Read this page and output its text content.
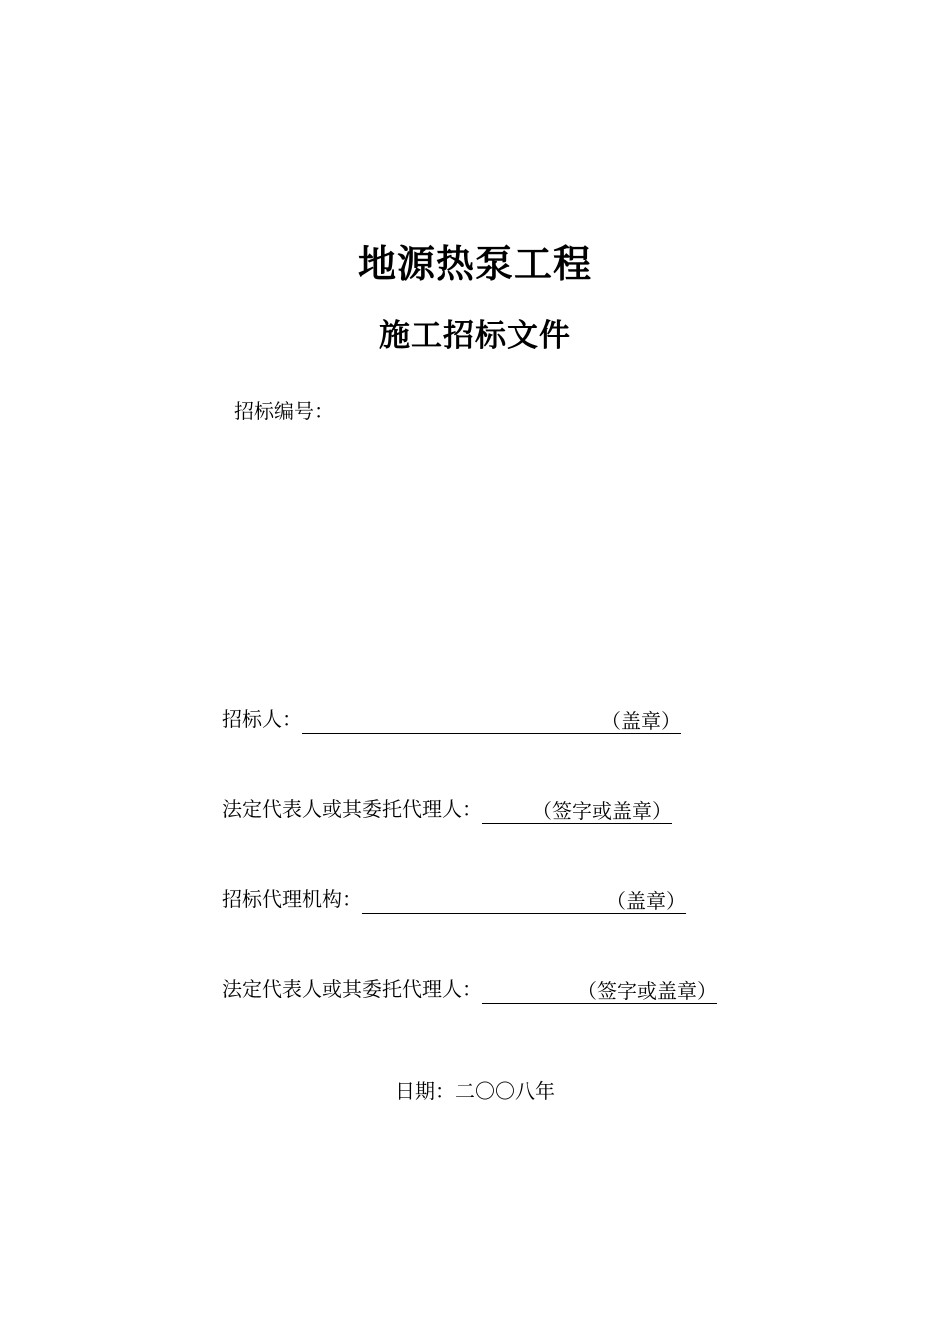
地源热泵工程
施工招标文件
招标编号：
招标人：	（盖章）
法定代表人或其委托代理人：	（签字或盖章）
招标代理机构：	（盖章）
法定代表人或其委托代理人：	（签字或盖章）
日期：二〇〇八年
